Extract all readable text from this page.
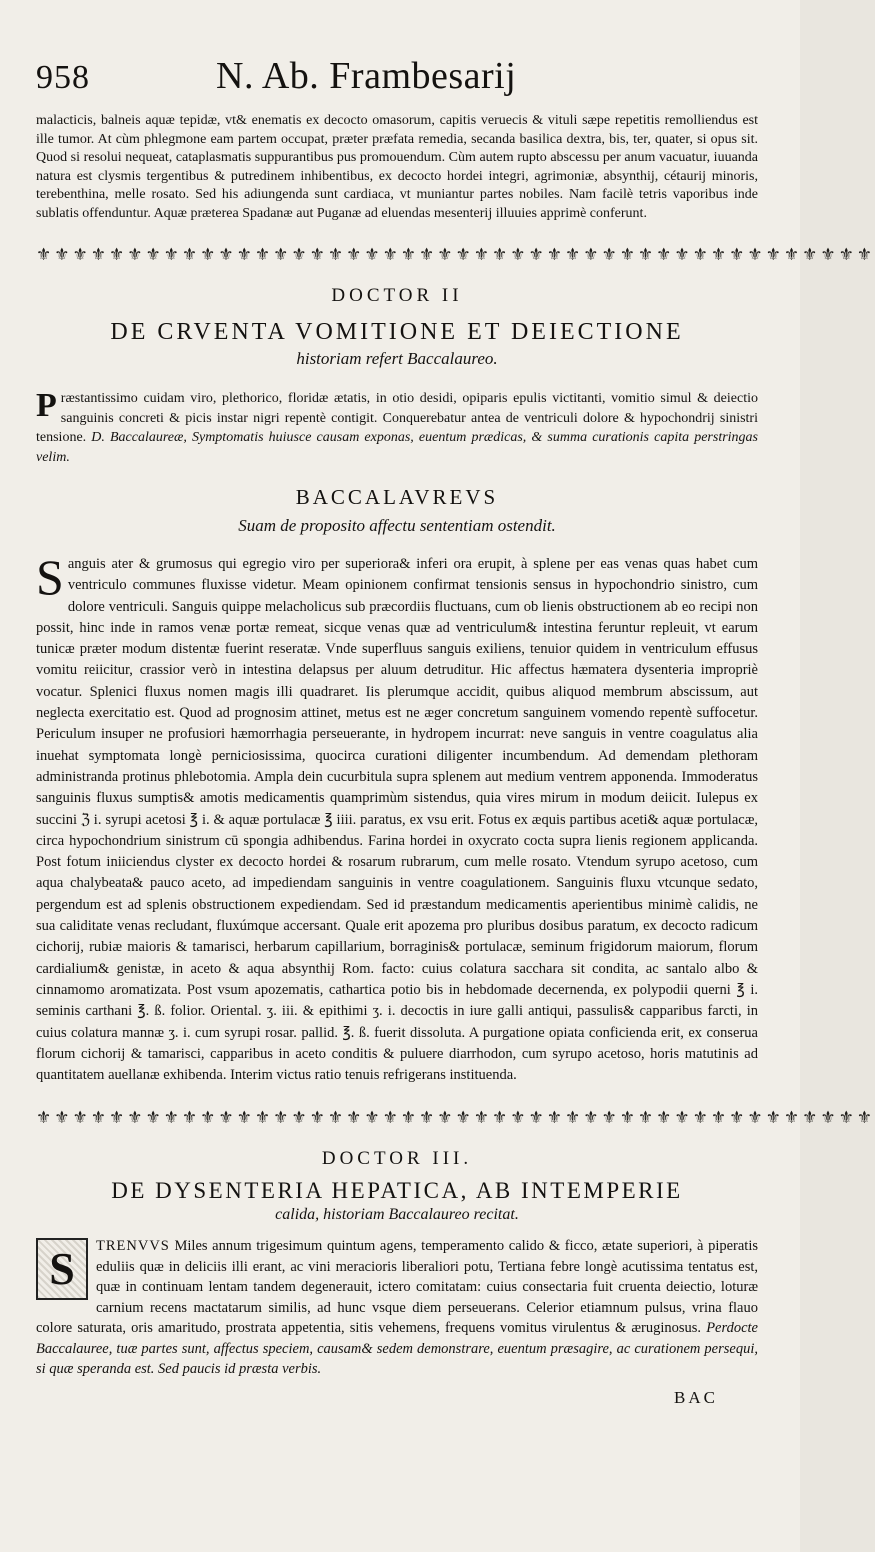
958	N. Ab. Frambesarij

malacticis, balneis aquæ tepidæ, vt& enematis ex decocto omasorum, capitis veruecis & vituli sæpe repetitis remolliendus est ille tumor. At cùm phlegmone eam partem occupat, præter præfata remedia, secanda basilica dextra, bis, ter, quater, si opus sit. Quod si resolui nequeat, cataplasmatis suppurantibus pus promouendum. Cùm autem rupto abscessu per anum vacuatur, iuuanda natura est clysmis tergentibus & putredinem inhibentibus, ex decocto hordei integri, agrimoniæ, absynthij, cétaurij minoris, terebenthina, melle rosato. Sed his adiungenda sunt cardiaca, vt muniantur partes nobiles. Nam facilè tetris vaporibus inde sublatis offenduntur. Aquæ præterea Spadanæ aut Puganæ ad eluendas mesenterij illuuies apprimè conferunt.

⚜⚜⚜⚜⚜⚜⚜⚜⚜⚜⚜⚜⚜⚜⚜⚜⚜⚜⚜⚜⚜⚜⚜⚜⚜⚜⚜⚜⚜⚜⚜⚜⚜⚜⚜⚜⚜⚜⚜⚜⚜⚜⚜⚜⚜⚜
DOCTOR II
DE CRVENTA VOMITIONE ET DEIECTIONE
historiam refert Baccalaureo.

Præstantissimo cuidam viro, plethorico, floridæ ætatis, in otio desidi, opiparis epulis victitanti, vomitio simul & deiectio sanguinis concreti & picis instar nigri repentè contigit. Conquerebatur antea de ventriculi dolore & hypochondrij sinistri tensione. D. Baccalaureæ, Symptomatis huiusce causam exponas, euentum prædicas, & summa curationis capita perstringas velim.

BACCALAVREVS
Suam de proposito affectu sententiam ostendit.

Sanguis ater & grumosus qui egregio viro per superiora& inferi ora erupit, à splene per eas venas quas habet cum ventriculo communes fluxisse videtur. Meam opinionem confirmat tensionis sensus in hypochondrio sinistro, cum dolore ventriculi. Sanguis quippe melacholicus sub præcordiis fluctuans, cum ob lienis obstructionem ab eo recipi non possit, hinc inde in ramos venæ portæ remeat, sicque venas quæ ad ventriculum& intestina feruntur repleuit, vt earum tunicæ præter modum distentæ fuerint reseratæ. Vnde superfluus sanguis exiliens, tenuior quidem in ventriculum effusus vomitu reiicitur, crassior verò in intestina delapsus per aluum detruditur. Hic affectus hæmatera dysenteria impropriè vocatur. Splenici fluxus nomen magis illi quadraret. Iis plerumque accidit, quibus aliquod membrum abscissum, aut neglecta exercitatio est. Quod ad prognosim attinet, metus est ne æger concretum sanguinem vomendo repentè suffocetur. Periculum insuper ne profusiori hæmorrhagia perseuerante, in hydropem incurrat: neve sanguis in ventre coagulatus alia inuehat symptomata longè perniciosissima, quocirca curationi diligenter incumbendum. Ad demendam plethoram administranda protinus phlebotomia. Ampla dein cucurbitula supra splenem aut medium ventrem apponenda. Immoderatus sanguinis fluxus sumptis& amotis medicamentis quamprimùm sistendus, quia vires mirum in modum deiicit. Iulepus ex succini ℨ i. syrupi acetosi ℥ i. & aquæ portulacæ ℥ iiii. paratus, ex vsu erit. Fotus ex æquis partibus aceti& aquæ portulacæ, circa hypochondrium sinistrum cū spongia adhibendus. Farina hordei in oxycrato cocta supra lienis regionem applicanda. Post fotum iniiciendus clyster ex decocto hordei & rosarum rubrarum, cum melle rosato. Vtendum syrupo acetoso, cum aqua chalybeata& pauco aceto, ad impediendam sanguinis in ventre coagulationem. Sanguinis fluxu vtcunque sedato, pergendum est ad splenis obstructionem expediendam. Sed id præstandum medicamentis aperientibus minimè calidis, ne sua caliditate venas recludant, fluxúmque accersant. Quale erit apozema pro pluribus dosibus paratum, ex decocto radicum cichorij, rubiæ maioris & tamarisci, herbarum capillarium, borraginis& portulacæ, seminum frigidorum maiorum, florum cardialium& genistæ, in aceto & aqua absynthij Rom. facto: cuius colatura sacchara sit condita, ac santalo albo & cinnamomo aromatizata. Post vsum apozematis, cathartica potio bis in hebdomade decernenda, ex polypodii querni ℥ i. seminis carthani ℥. ß. folior. Oriental. ʒ. iii. & epithimi ʒ. i. decoctis in iure galli antiqui, passulis& capparibus farcti, in cuius colatura mannæ ʒ. i. cum syrupi rosar. pallid. ℥. ß. fuerit dissoluta. A purgatione opiata conficienda erit, ex conserua florum cichorij & tamarisci, capparibus in aceto conditis & puluere diarrhodon, cum syrupo acetoso, horis matutinis ad quantitatem auellanæ exhibenda. Interim victus ratio tenuis refrigerans instituenda.

⚜⚜⚜⚜⚜⚜⚜⚜⚜⚜⚜⚜⚜⚜⚜⚜⚜⚜⚜⚜⚜⚜⚜⚜⚜⚜⚜⚜⚜⚜⚜⚜⚜⚜⚜⚜⚜⚜⚜⚜⚜⚜⚜⚜⚜⚜
DOCTOR III.
DE DYSENTERIA HEPATICA, AB INTEMPERIE
calida, historiam Baccalaureo recitat.

S	TRENVVS Miles annum trigesimum quintum agens, temperamento calido & ficco, ætate superiori, à piperatis eduliis quæ in deliciis illi erant, ac vini meracioris liberaliori potu, Tertiana febre longè acutissima tentatus est, quæ in continuam lentam tandem degenerauit, ictero comitatam: cuius consectaria fuit cruenta deiectio, loturæ carnium recens mactatarum similis, ad hunc vsque diem perseuerans. Celerior etiamnum pulsus, vrina flauo colore saturata, oris amaritudo, prostrata appetentia, sitis vehemens, frequens vomitus virulentus & æruginosus. Perdocte Baccalauree, tuæ partes sunt, affectus speciem, causam& sedem demonstrare, euentum præsagire, ac curationem persequi, si quæ speranda est. Sed paucis id præsta verbis.

BAC
